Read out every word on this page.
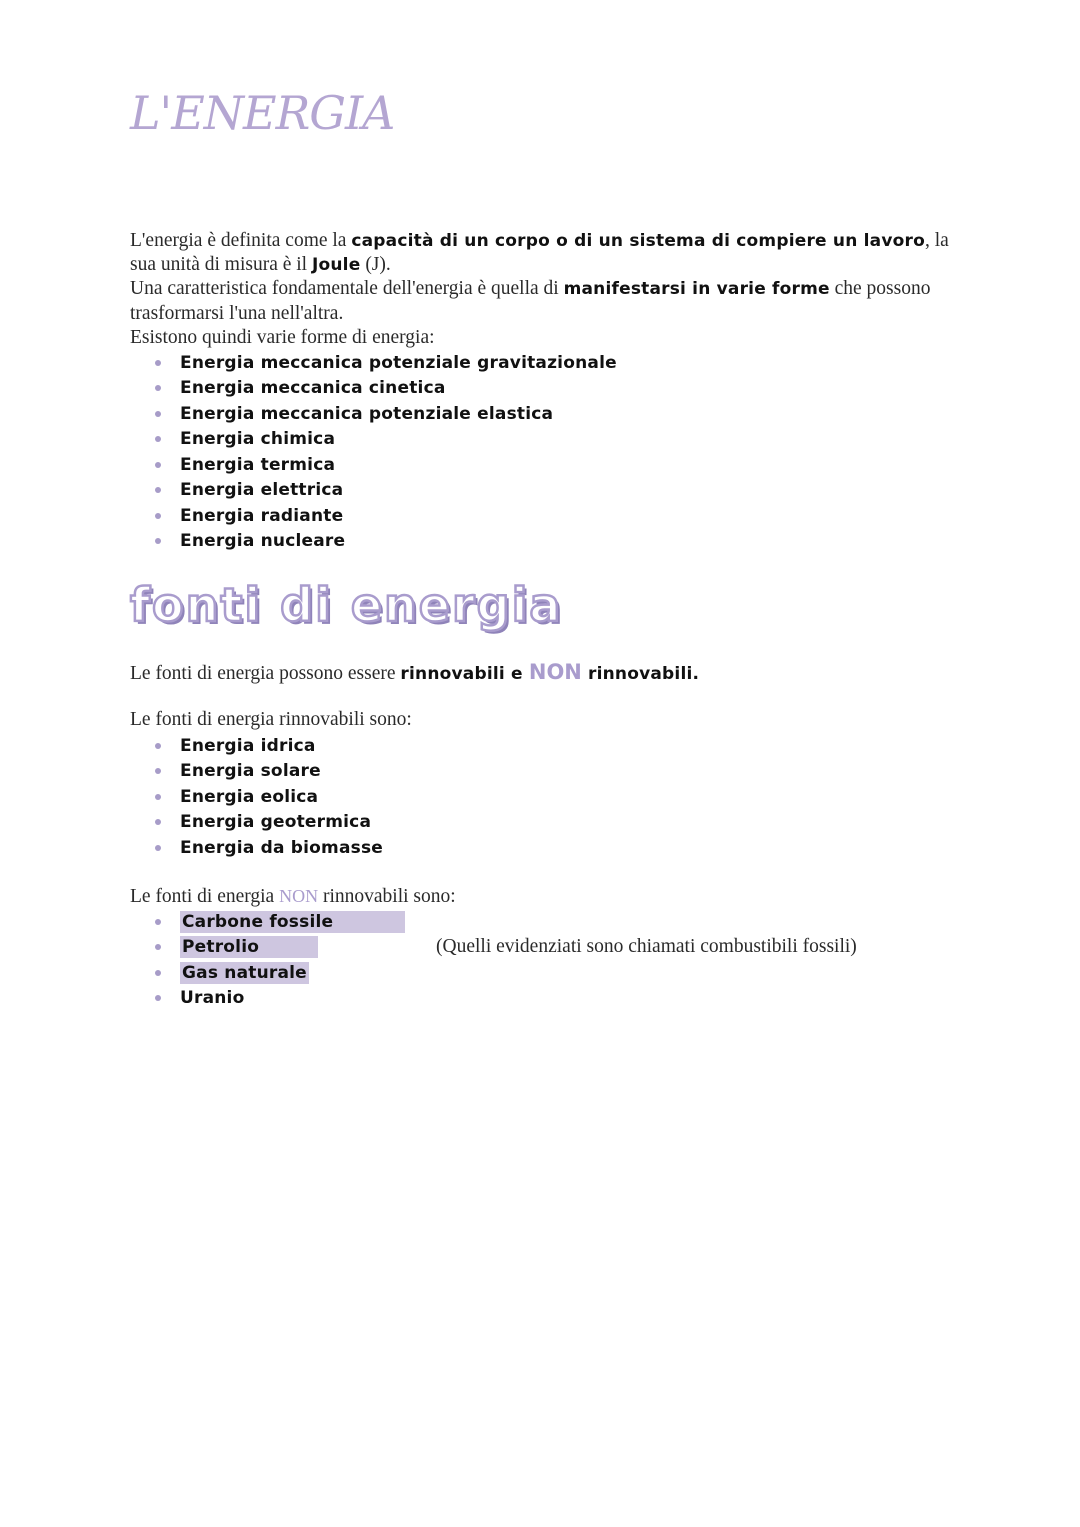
L'ENERGIA

L'energia è definita come la capacità di un corpo o di un sistema di compiere un lavoro, la sua unità di misura è il Joule (J).
Una caratteristica fondamentale dell'energia è quella di manifestarsi in varie forme che possono trasformarsi l'una nell'altra.
Esistono quindi varie forme di energia:

Energia meccanica potenziale gravitazionale
Energia meccanica cinetica
Energia meccanica potenziale elastica
Energia chimica
Energia termica
Energia elettrica
Energia radiante
Energia nucleare
fonti di energia

Le fonti di energia possono essere rinnovabili e NON rinnovabili.

Le fonti di energia rinnovabili sono:

Energia idrica
Energia solare
Energia eolica
Energia geotermica
Energia da biomasse

Le fonti di energia NON rinnovabili sono:

Carbone fossile
Petrolio
Gas naturale
Uranio

(Quelli evidenziati sono chiamati combustibili fossili)
